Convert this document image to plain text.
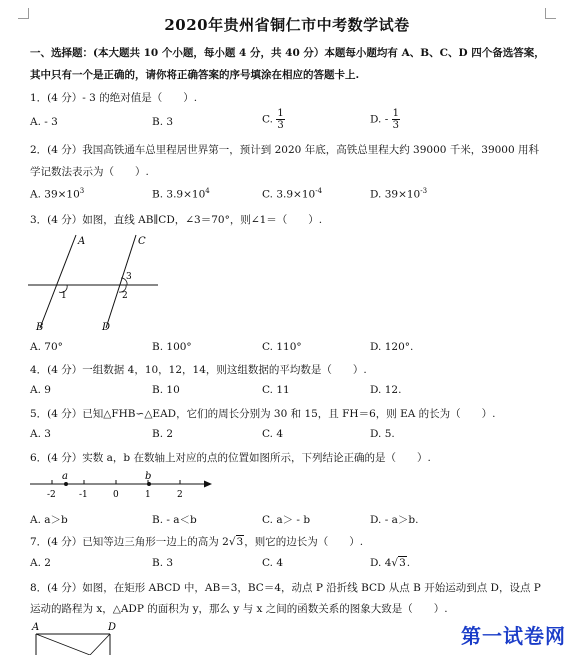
2020年贵州省铜仁市中考数学试卷
一、选择题：(本大题共 10 个小题，每小题 4 分，共 40 分）本题每小题均有 A、B、C、D 四个备选答案，
其中只有一个是正确的，请你将正确答案的序号填涂在相应的答题卡上.
1．(4 分）- 3 的绝对值是（　　）.
A. - 3	B. 3	C. $\frac{1}{3}$	D. - $\frac{1}{3}$
2．(4 分）我国高铁通车总里程居世界第一，预计到 2020 年底，高铁总里程大约 39000 千米，39000 用科
学记数法表示为（　　）.
A. $39\times 10^3$	B. $3.9\times 10^4$	C. $3.9\times 10^{-4}$	D. $39\times 10^{-3}$
3．(4 分）如图，直线 AB∥CD，∠3＝70°，则∠1＝（　　）.
A
B
C
D
1	2
3
A. 70°	B. 100°	C. 110°	D. 120°.
4．(4 分）一组数据 4，10，12，14，则这组数据的平均数是（　　）.
A. 9	B. 10	C. 11	D. 12.
5．(4 分）已知△FHB∽△EAD，它们的周长分别为 30 和 15，且 FH＝6，则 EA 的长为（　　）.
A. 3	B. 2	C. 4	D. 5.
6．(4 分）实数 a，b 在数轴上对应的点的位置如图所示，下列结论正确的是（　　）.
-2	-1	0	1	2
a	b
A. a＞b	B. - a＜b	C. a＞ - b	D. - a＞b.
7．(4 分）已知等边三角形一边上的高为 2√3，则它的边长为（　　）.
A. 2	B. 3	C. 4	D. 4√3.
8．(4 分）如图，在矩形 ABCD 中，AB＝3，BC＝4，动点 P 沿折线 BCD 从点 B 开始运动到点 D，设点 P
运动的路程为 x，△ADP 的面积为 y，那么 y 与 x 之间的函数关系的图象大致是（　　）.
A	D	第一试卷网
